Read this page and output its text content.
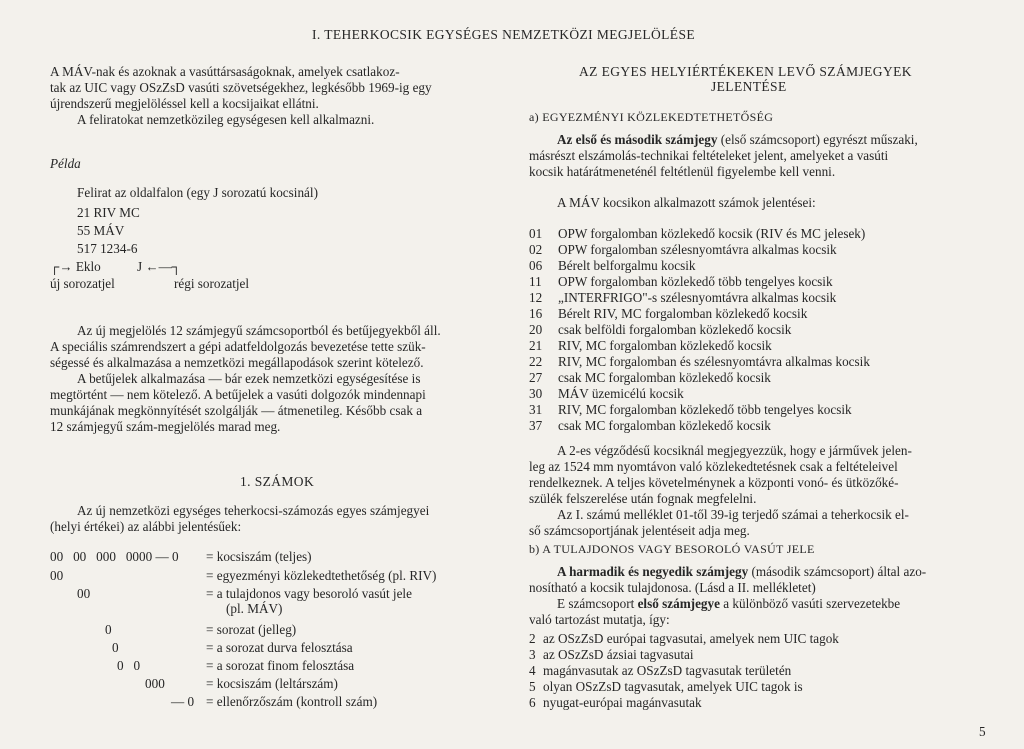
I. TEHERKOCSIK EGYSÉGES NEMZETKÖZI MEGJELÖLÉSE
A MÁV-nak és azoknak a vasúttársaságoknak, amelyek csatlakoz-
tak az UIC vagy OSzZsD vasúti szövetségekhez, legkésőbb 1969-ig egy
újrendszerű megjelöléssel kell a kocsijaikat ellátni.
A feliratokat nemzetközileg egységesen kell alkalmazni.
Példa
Felirat az oldalfalon (egy J sorozatú kocsinál)
21 RIV MC
55 MÁV
517 1234-6
┌→ Eklo	J ←—┐
új sorozatjel	régi sorozatjel
Az új megjelölés 12 számjegyű számcsoportból és betűjegyekből áll.
A speciális számrendszert a gépi adatfeldolgozás bevezetése tette szük-
ségessé és alkalmazása a nemzetközi megállapodások szerint kötelező.
A betűjelek alkalmazása — bár ezek nemzetközi egységesítése is
megtörtént — nem kötelező. A betűjelek a vasúti dolgozók mindennapi
munkájának megkönnyítését szolgálják — átmenetileg. Később csak a
12 számjegyű szám-megjelölés marad meg.
1. SZÁMOK
Az új nemzetközi egységes teherkocsi-számozás egyes számjegyei
(helyi értékei) az alábbi jelentésűek:
00   00   000   0000 — 0 = kocsiszám (teljes)
00	= egyezményi közlekedtethetőség (pl. RIV)
00	= a tulajdonos vagy besoroló vasút jele
(pl. MÁV)
0	= sorozat (jelleg)
0	= a sorozat durva felosztása
0   0	= a sorozat finom felosztása
000	= kocsiszám (leltárszám)
— 0 = ellenőrzőszám (kontroll szám)
AZ EGYES HELYIÉRTÉKEKEN LEVŐ SZÁMJEGYEK
JELENTÉSE
a) EGYEZMÉNYI KÖZLEKEDTETHETŐSÉG
Az első és második számjegy (első számcsoport) egyrészt műszaki,
másrészt elszámolás-technikai feltételeket jelent, amelyeket a vasúti
kocsik határátmeneténél feltétlenül figyelembe kell venni.
A MÁV kocsikon alkalmazott számok jelentései:
01 OPW forgalomban közlekedő kocsik (RIV és MC jelesek)
02 OPW forgalomban szélesnyomtávra alkalmas kocsik
06 Bérelt belforgalmu kocsik
11 OPW forgalomban közlekedő több tengelyes kocsik
12 „INTERFRIGO"-s szélesnyomtávra alkalmas kocsik
16 Bérelt RIV, MC forgalomban közlekedő kocsik
20 csak belföldi forgalomban közlekedő kocsik
21 RIV, MC forgalomban közlekedő kocsik
22 RIV, MC forgalomban és szélesnyomtávra alkalmas kocsik
27 csak MC forgalomban közlekedő kocsik
30 MÁV üzemicélú kocsik
31 RIV, MC forgalomban közlekedő több tengelyes kocsik
37 csak MC forgalomban közlekedő kocsik
A 2-es végződésű kocsiknál megjegyezzük, hogy e járművek jelen-
leg az 1524 mm nyomtávon való közlekedtetésnek csak a feltételeivel
rendelkeznek. A teljes követelménynek a központi vonó- és ütközőké-
szülék felszerelése után fognak megfelelni.
Az I. számú melléklet 01-től 39-ig terjedő számai a teherkocsik el-
ső számcsoportjának jelentéseit adja meg.
b) A TULAJDONOS VAGY BESOROLÓ VASÚT JELE
A harmadik és negyedik számjegy (második számcsoport) által azo-
nosítható a kocsik tulajdonosa. (Lásd a II. mellékletet)
E számcsoport első számjegye a különböző vasúti szervezetekbe
való tartozást mutatja, így:
2 az OSzZsD európai tagvasutai, amelyek nem UIC tagok
3 az OSzZsD ázsiai tagvasutai
4 magánvasutak az OSzZsD tagvasutak területén
5 olyan OSzZsD tagvasutak, amelyek UIC tagok is
6 nyugat-európai magánvasutak
5
